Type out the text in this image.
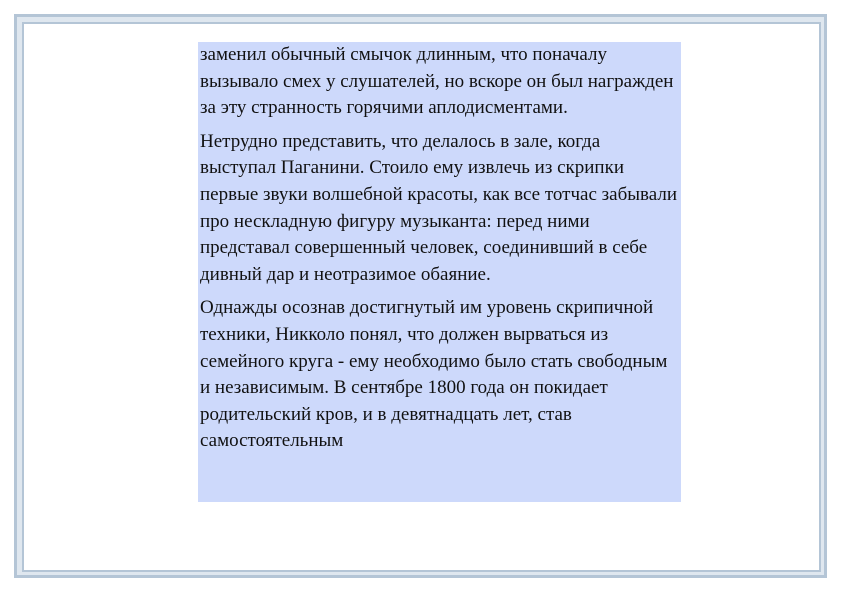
заменил обычный смычок длинным, что поначалу вызывало смех у слушателей, но вскоре он был награжден за эту странность горячими аплодисментами.

Нетрудно представить, что делалось в зале, когда выступал Паганини. Стоило ему извлечь из скрипки первые звуки волшебной красоты, как все тотчас забывали про нескладную фигуру музыканта: перед ними представал совершенный человек, соединивший в себе дивный дар и неотразимое обаяние.

Однажды осознав достигнутый им уровень скрипичной техники, Никколо понял, что должен вырваться из семейного круга - ему необходимо было стать свободным и независимым. В сентябре 1800 года он покидает родительский кров, и в девятнадцать лет, став самостоятельным
